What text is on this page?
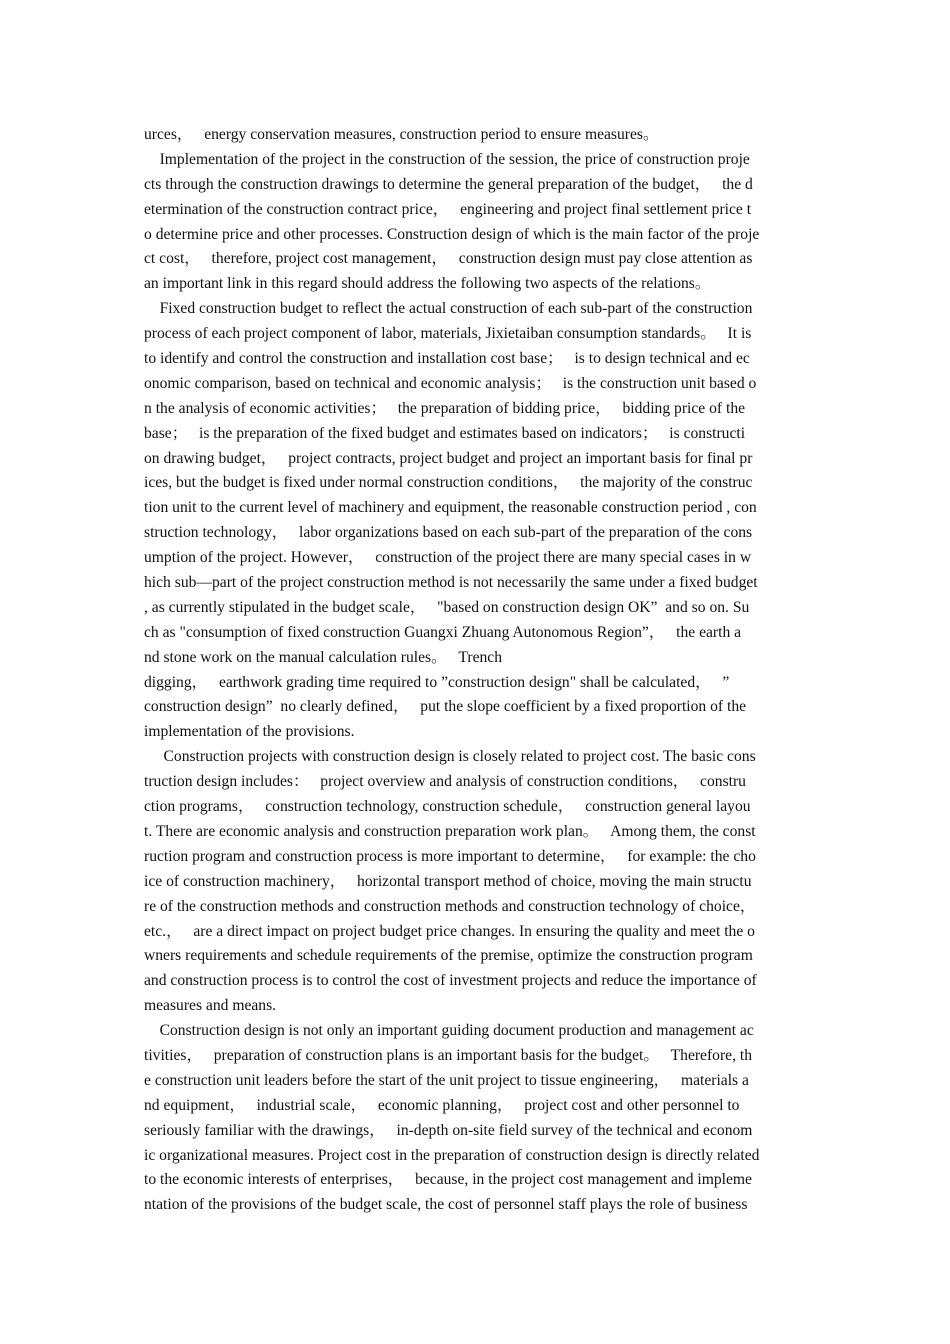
urces，   energy conservation measures, construction period to ensure measures。
Implementation of the project in the construction of the session, the price of construction proje
cts through the construction drawings to determine the general preparation of the budget，   the d
etermination of the construction contract price，   engineering and project final settlement price t
o determine price and other processes. Construction design of which is the main factor of the proje
ct cost，   therefore, project cost management，   construction design must pay close attention as
an important link in this regard should address the following two aspects of the relations。
Fixed construction budget to reflect the actual construction of each sub-part of the construction
process of each project component of labor, materials, Jixietaiban consumption standards。   It is
to identify and control the construction and installation cost base；   is to design technical and ec
onomic comparison, based on technical and economic analysis；   is the construction unit based o
n the analysis of economic activities；   the preparation of bidding price，   bidding price of the
base；   is the preparation of the fixed budget and estimates based on indicators；   is constructi
on drawing budget，   project contracts, project budget and project an important basis for final pr
ices, but the budget is fixed under normal construction conditions，   the majority of the construc
tion unit to the current level of machinery and equipment, the reasonable construction period , con
struction technology，   labor organizations based on each sub-part of the preparation of the cons
umption of the project. However，   construction of the project there are many special cases in w
hich sub—part of the project construction method is not necessarily the same under a fixed budget
, as currently stipulated in the budget scale，   "based on construction design OK”  and so on. Su
ch as "consumption of fixed construction Guangxi Zhuang Autonomous Region”，   the earth a
nd stone work on the manual calculation rules。   Trench
digging，   earthwork grading time required to ”construction design" shall be calculated，   ”
construction design”  no clearly defined，   put the slope coefficient by a fixed proportion of the
implementation of the provisions.
Construction projects with construction design is closely related to project cost. The basic cons
truction design includes：   project overview and analysis of construction conditions，   constru
ction programs，   construction technology, construction schedule，   construction general layou
t. There are economic analysis and construction preparation work plan。   Among them, the const
ruction program and construction process is more important to determine，   for example: the cho
ice of construction machinery，   horizontal transport method of choice, moving the main structu
re of the construction methods and construction methods and construction technology of choice，
etc.，   are a direct impact on project budget price changes. In ensuring the quality and meet the o
wners requirements and schedule requirements of the premise, optimize the construction program
and construction process is to control the cost of investment projects and reduce the importance of
measures and means.
Construction design is not only an important guiding document production and management ac
tivities，   preparation of construction plans is an important basis for the budget。   Therefore, th
e construction unit leaders before the start of the unit project to tissue engineering，   materials a
nd equipment，   industrial scale，   economic planning，   project cost and other personnel to
seriously familiar with the drawings，   in-depth on-site field survey of the technical and econom
ic organizational measures. Project cost in the preparation of construction design is directly related
to the economic interests of enterprises，   because, in the project cost management and impleme
ntation of the provisions of the budget scale, the cost of personnel staff plays the role of business
